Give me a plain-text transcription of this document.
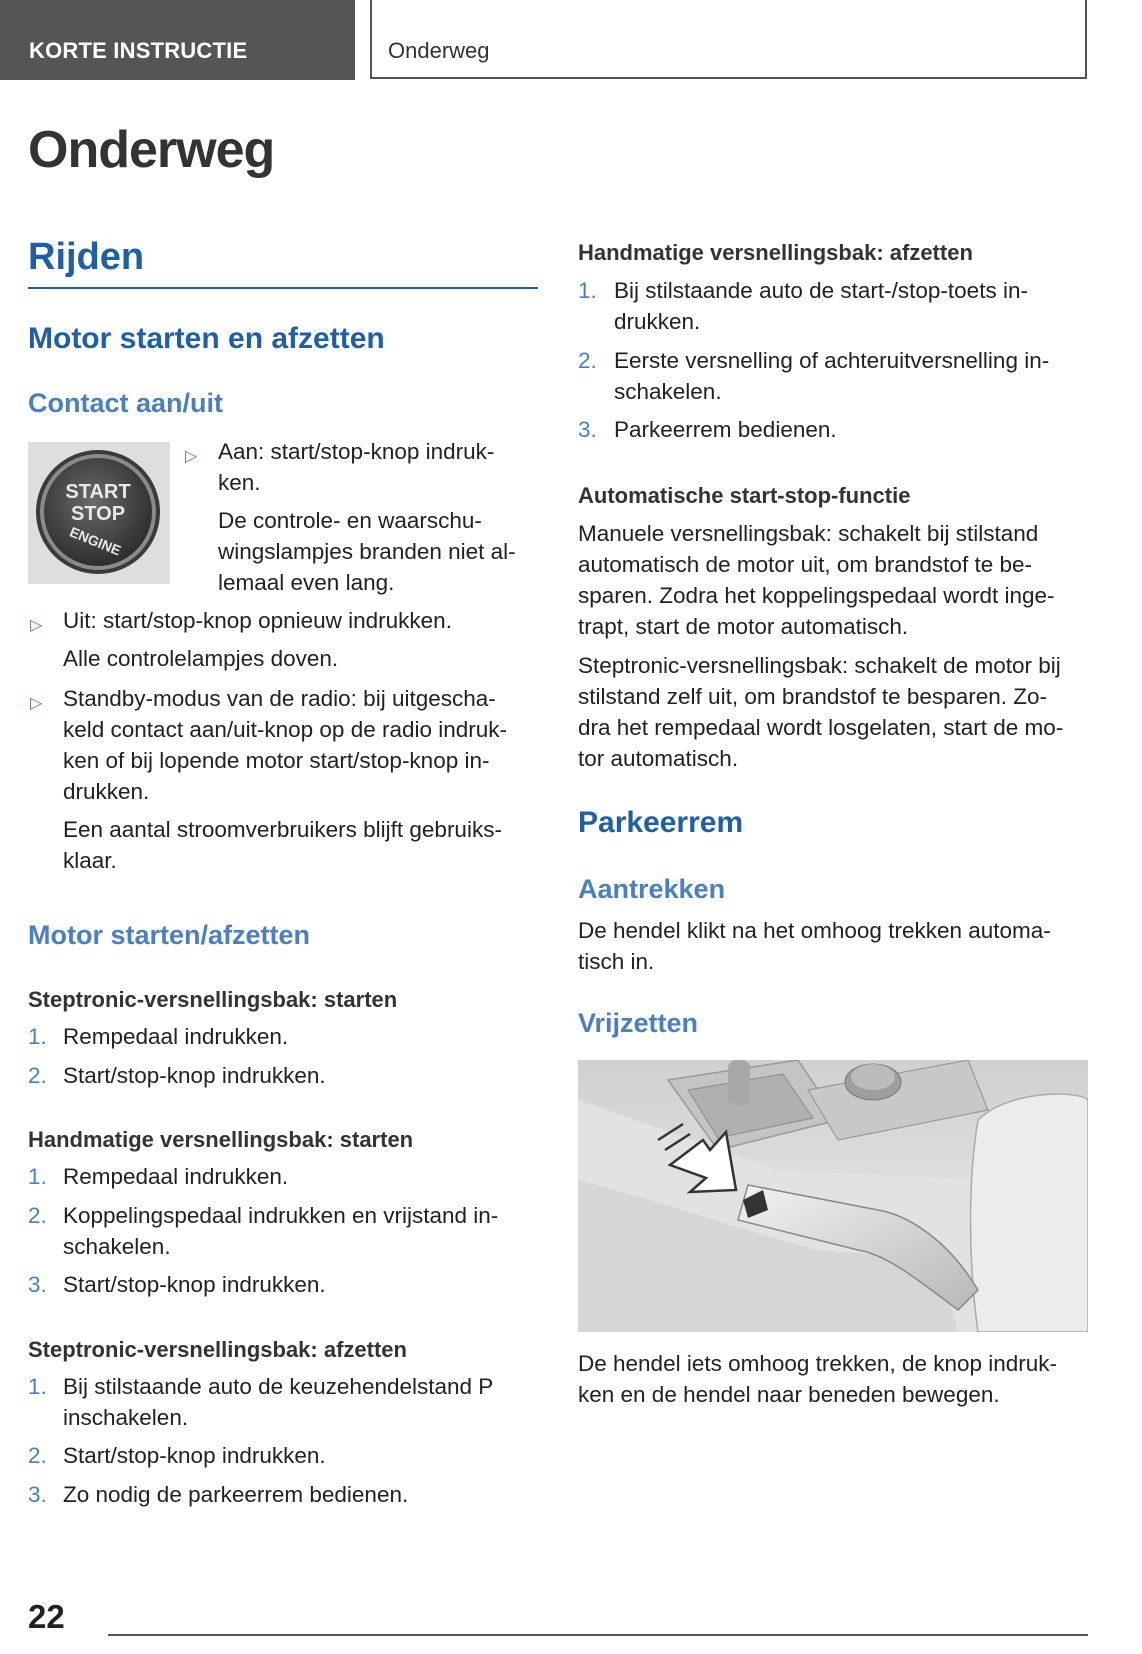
KORTE INSTRUCTIE	Onderweg
Onderweg
Rijden
Motor starten en afzetten
Contact aan/uit
START
STOP
ENGINE
▷ Aan: start/stop-knop indruk-
ken.
De controle- en waarschu-
wingslampjes branden niet al-
lemaal even lang.
▷ Uit: start/stop-knop opnieuw indrukken.
Alle controlelampjes doven.
▷ Standby-modus van de radio: bij uitgescha-
keld contact aan/uit-knop op de radio indruk-
ken of bij lopende motor start/stop-knop in-
drukken.
Een aantal stroomverbruikers blijft gebruiks-
klaar.
Motor starten/afzetten
Steptronic-versnellingsbak: starten
1. Rempedaal indrukken.
2. Start/stop-knop indrukken.
Handmatige versnellingsbak: starten
1. Rempedaal indrukken.
2. Koppelingspedaal indrukken en vrijstand in-
schakelen.
3. Start/stop-knop indrukken.
Steptronic-versnellingsbak: afzetten
1. Bij stilstaande auto de keuzehendelstand P
inschakelen.
2. Start/stop-knop indrukken.
3. Zo nodig de parkeerrem bedienen.
Handmatige versnellingsbak: afzetten
1. Bij stilstaande auto de start-/stop-toets in-
drukken.
2. Eerste versnelling of achteruitversnelling in-
schakelen.
3. Parkeerrem bedienen.
Automatische start-stop-functie
Manuele versnellingsbak: schakelt bij stilstand
automatisch de motor uit, om brandstof te be-
sparen. Zodra het koppelingspedaal wordt inge-
trapt, start de motor automatisch.
Steptronic-versnellingsbak: schakelt de motor bij
stilstand zelf uit, om brandstof te besparen. Zo-
dra het rempedaal wordt losgelaten, start de mo-
tor automatisch.
Parkeerrem
Aantrekken
De hendel klikt na het omhoog trekken automa-
tisch in.
Vrijzetten
De hendel iets omhoog trekken, de knop indruk-
ken en de hendel naar beneden bewegen.
22
